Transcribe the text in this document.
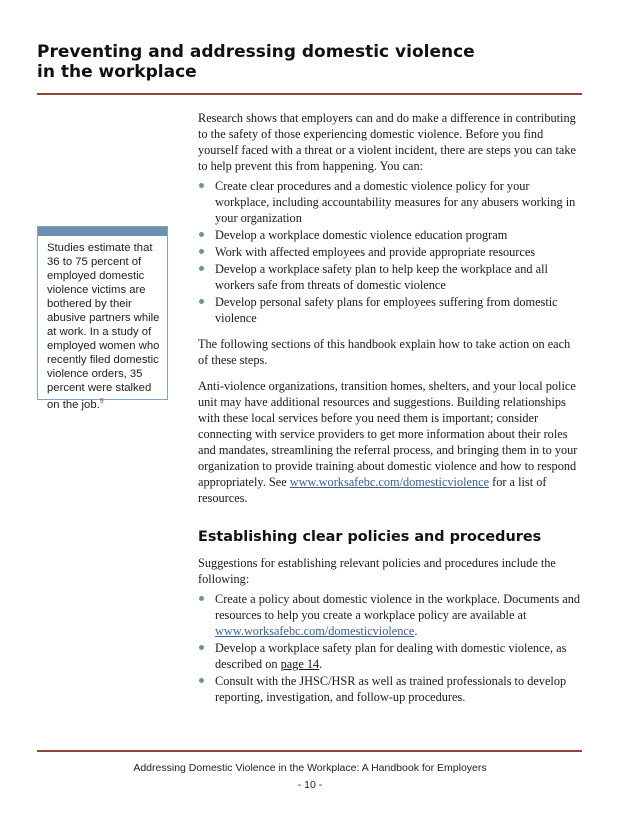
Preventing and addressing domestic violence
in the workplace

Studies estimate that 36 to 75 percent of employed domestic violence victims are bothered by their abusive partners while at work. In a study of employed women who recently filed domestic violence orders, 35 percent were stalked on the job.$^9$

Research shows that employers can and do make a difference in contributing to the safety of those experiencing domestic violence. Before you find yourself faced with a threat or a violent incident, there are steps you can take to help prevent this from happening. You can:

Create clear procedures and a domestic violence policy for your workplace, including accountability measures for any abusers working in your organization
Develop a workplace domestic violence education program
Work with affected employees and provide appropriate resources
Develop a workplace safety plan to help keep the workplace and all workers safe from threats of domestic violence
Develop personal safety plans for employees suffering from domestic violence

The following sections of this handbook explain how to take action on each of these steps.

Anti-violence organizations, transition homes, shelters, and your local police unit may have additional resources and suggestions. Building relationships with these local services before you need them is important; consider connecting with service providers to get more information about their roles and mandates, streamlining the referral process, and bringing them in to your organization to provide training about domestic violence and how to respond appropriately. See www.worksafebc.com/domesticviolence for a list of resources.

Establishing clear policies and procedures

Suggestions for establishing relevant policies and procedures include the following:

Create a policy about domestic violence in the workplace. Documents and resources to help you create a workplace policy are available at www.worksafebc.com/domesticviolence.
Develop a workplace safety plan for dealing with domestic violence, as described on page 14.
Consult with the JHSC/HSR as well as trained professionals to develop reporting, investigation, and follow-up procedures.
Addressing Domestic Violence in the Workplace: A Handbook for Employers
- 10 -
